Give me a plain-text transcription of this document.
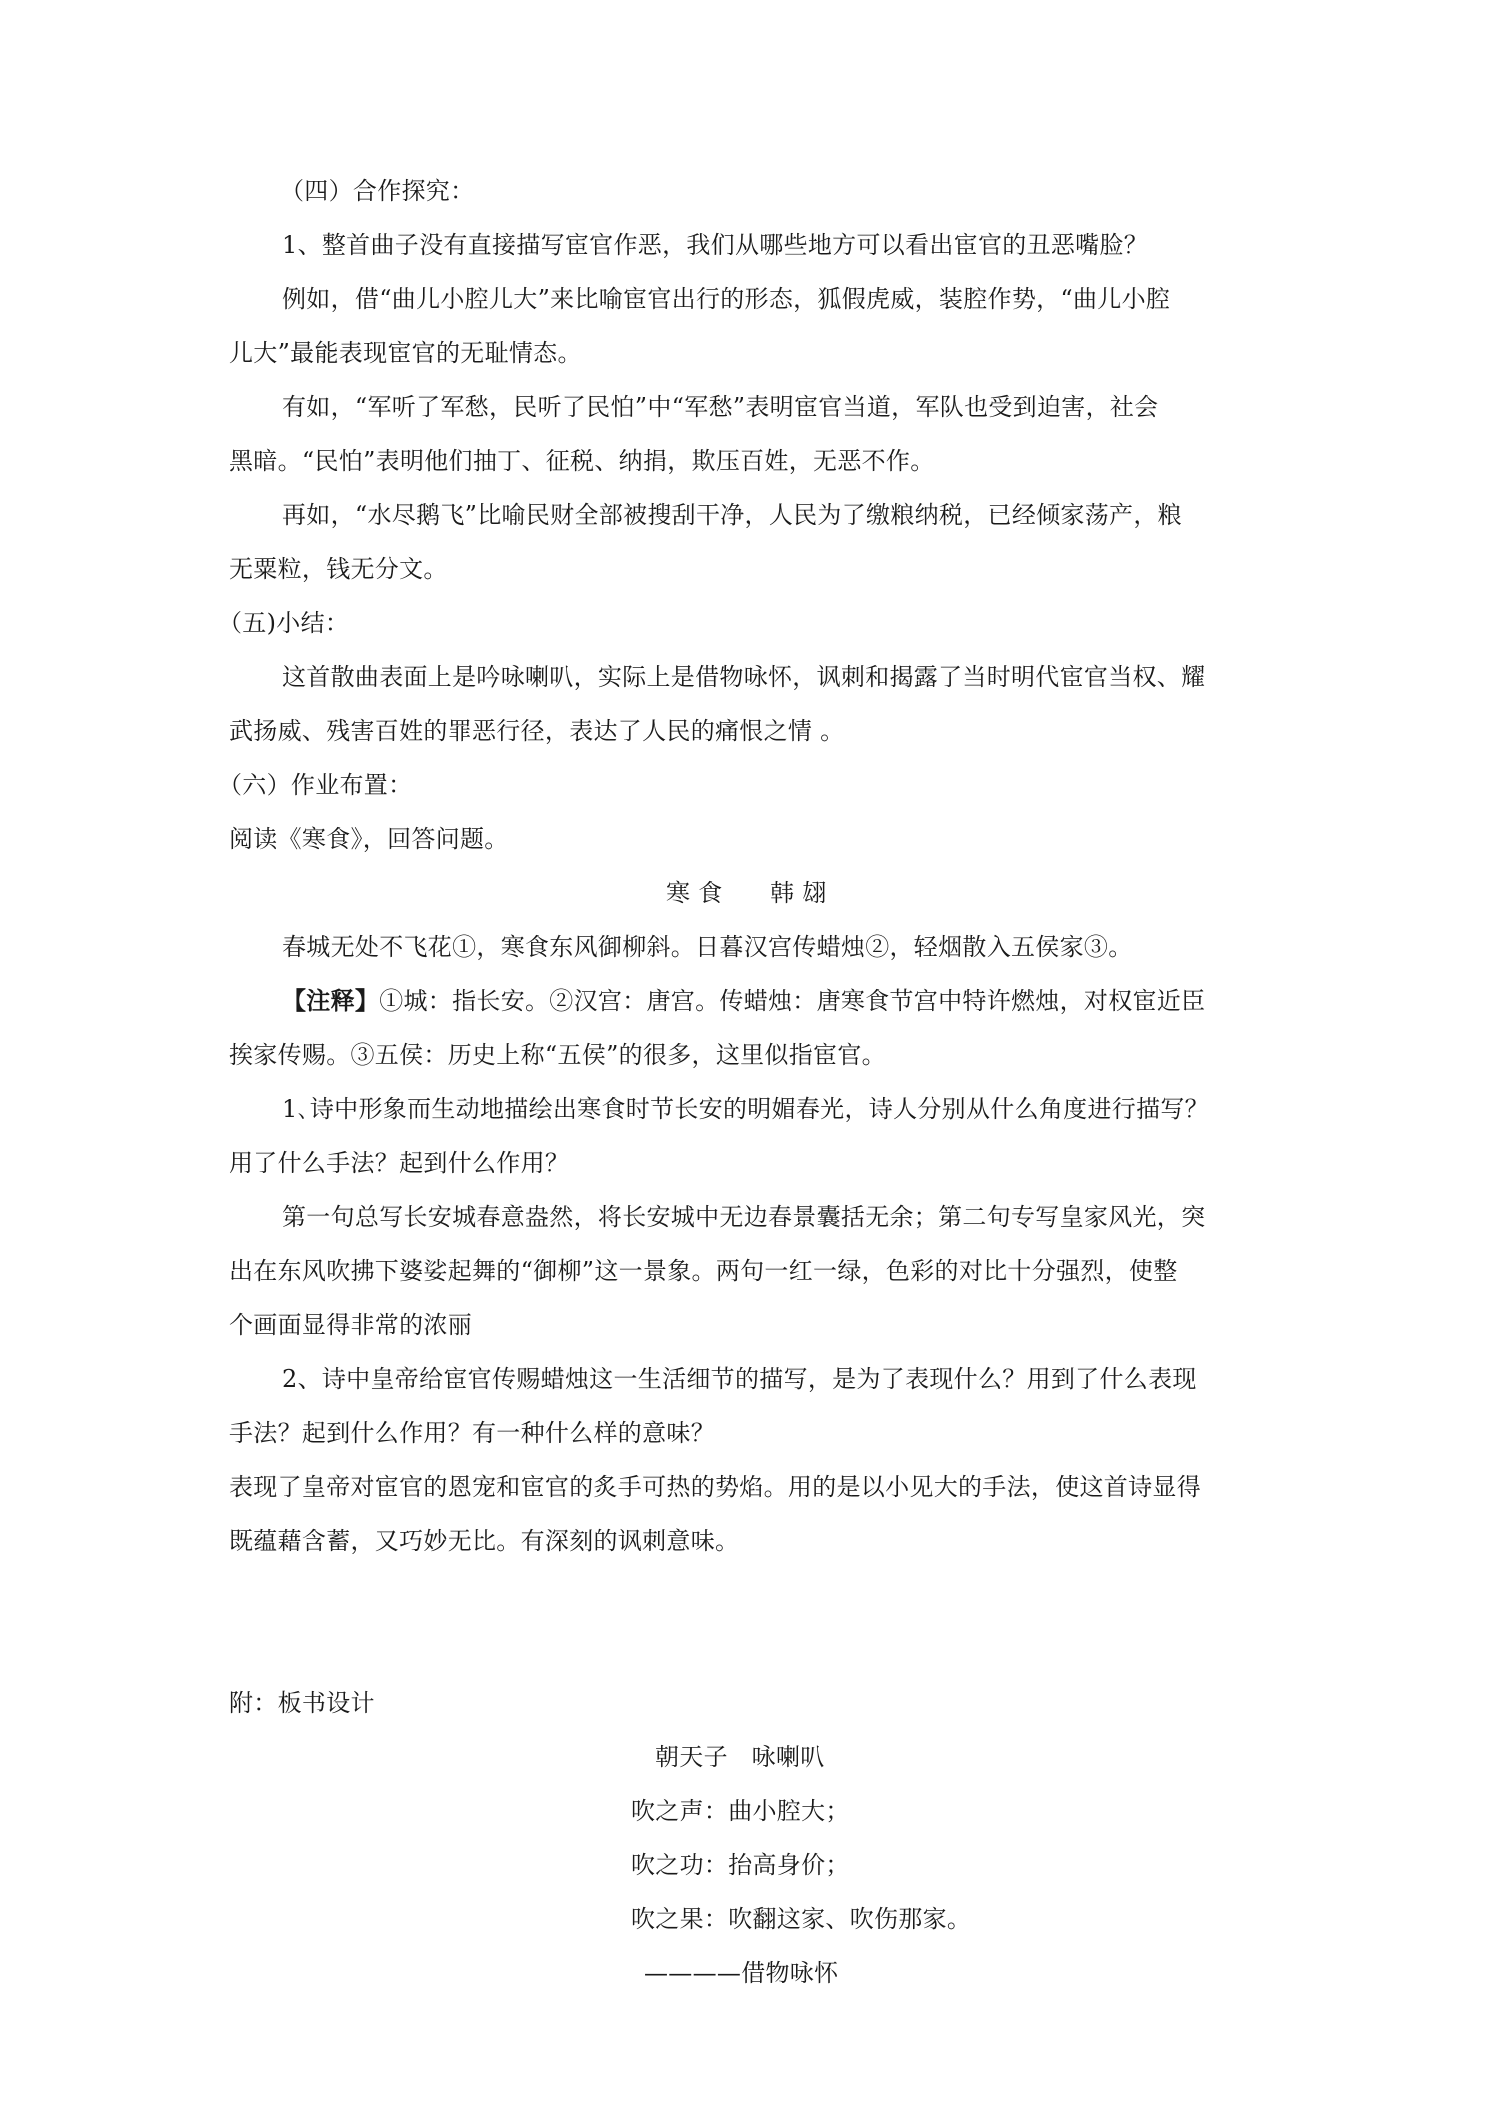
（四）合作探究：
1、整首曲子没有直接描写宦官作恶，我们从哪些地方可以看出宦官的丑恶嘴脸？
例如，借“曲儿小腔儿大”来比喻宦官出行的形态，狐假虎威，装腔作势，“曲儿小腔
儿大”最能表现宦官的无耻情态。
有如，“军听了军愁，民听了民怕”中“军愁”表明宦官当道，军队也受到迫害，社会
黑暗。“民怕”表明他们抽丁、征税、纳捐，欺压百姓，无恶不作。
再如，“水尽鹅飞”比喻民财全部被搜刮干净，人民为了缴粮纳税，已经倾家荡产，粮
无粟粒，钱无分文。
（五)小结：
这首散曲表面上是吟咏喇叭，实际上是借物咏怀，讽刺和揭露了当时明代宦官当权、耀
武扬威、残害百姓的罪恶行径，表达了人民的痛恨之情 。
（六）作业布置：
阅读《寒食》，回答问题。
寒 食      韩 翃
春城无处不飞花①，寒食东风御柳斜。日暮汉宫传蜡烛②，轻烟散入五侯家③。
【注释】①城：指长安。②汉宫：唐宫。传蜡烛：唐寒食节宫中特许燃烛，对权宦近臣
挨家传赐。③五侯：历史上称“五侯”的很多，这里似指宦官。
1､诗中形象而生动地描绘出寒食时节长安的明媚春光，诗人分别从什么角度进行描写？
用了什么手法？起到什么作用？
第一句总写长安城春意盎然，将长安城中无边春景囊括无余；第二句专写皇家风光，突
出在东风吹拂下婆娑起舞的“御柳”这一景象。两句一红一绿，色彩的对比十分强烈，使整
个画面显得非常的浓丽
2、诗中皇帝给宦官传赐蜡烛这一生活细节的描写，是为了表现什么？用到了什么表现
手法？起到什么作用？有一种什么样的意味？
表现了皇帝对宦官的恩宠和宦官的炙手可热的势焰。用的是以小见大的手法，使这首诗显得
既蕴藉含蓄，又巧妙无比。有深刻的讽刺意味。
附：板书设计
朝天子   咏喇叭
吹之声：曲小腔大；
吹之功：抬高身价；
吹之果：吹翻这家、吹伤那家。
————借物咏怀
